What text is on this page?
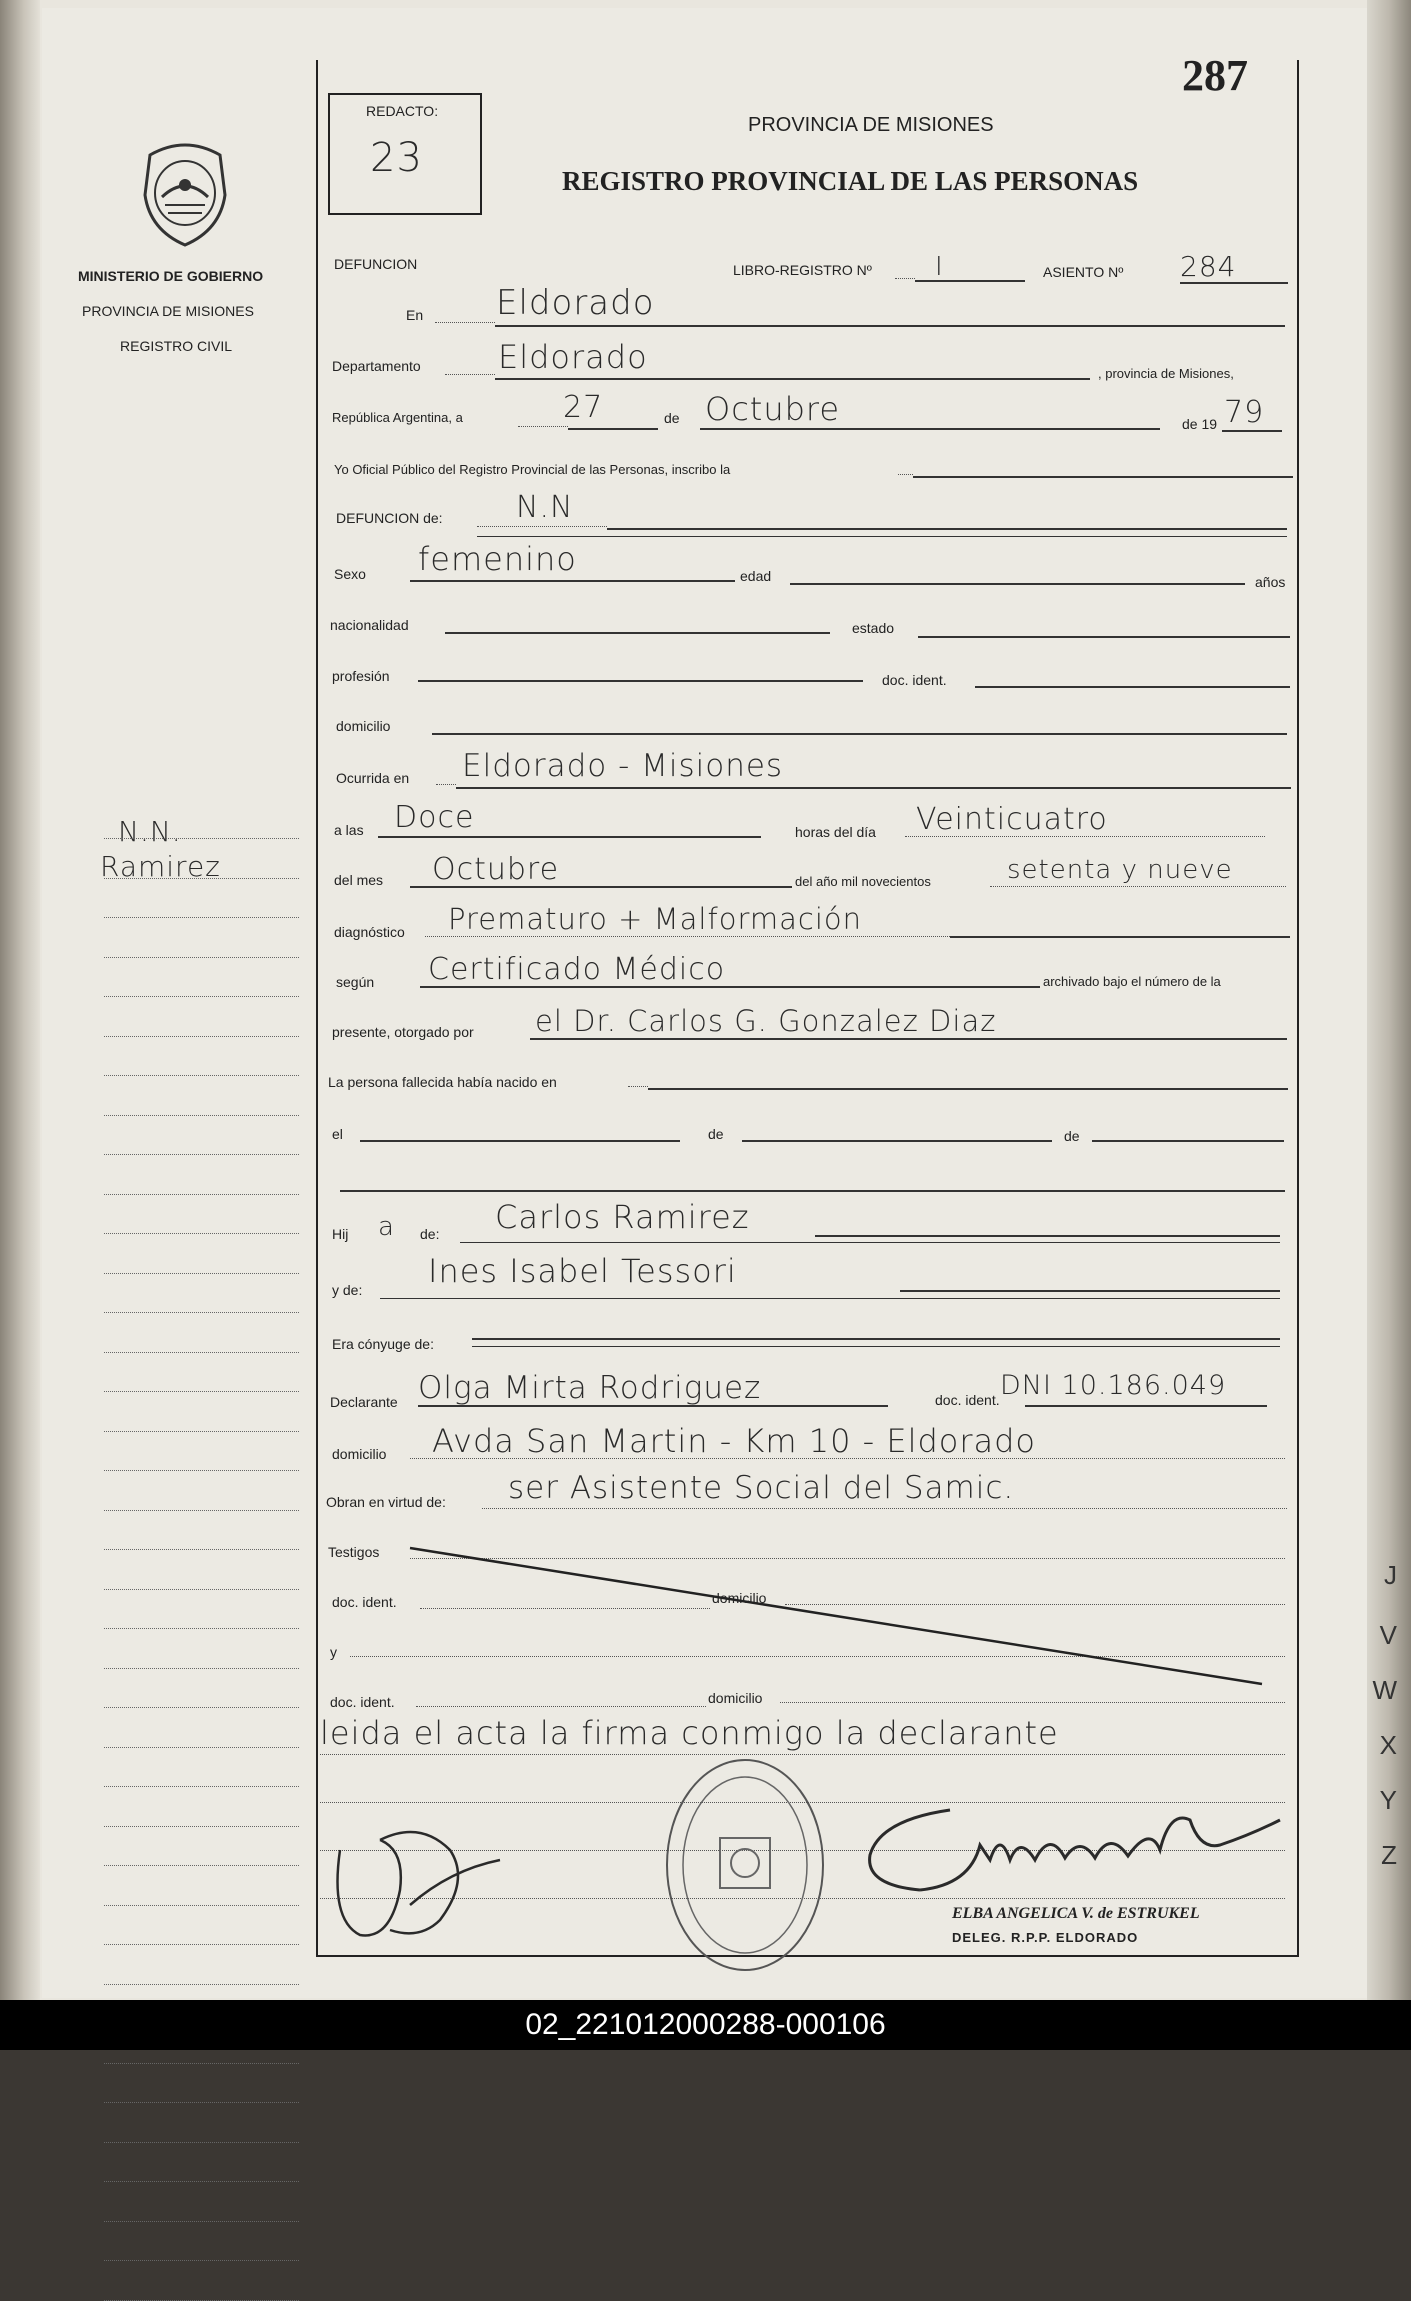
J
V
W
X
Y
Z
MINISTERIO DE GOBIERNO
PROVINCIA DE MISIONES
REGISTRO CIVIL
N.N.
Ramirez
287
REDACTO:
23
PROVINCIA DE MISIONES
REGISTRO PROVINCIAL DE LAS PERSONAS
DEFUNCION	LIBRO-REGISTRO Nº I	ASIENTO Nº 284
En Eldorado
Departamento Eldorado	, provincia de Misiones,
República Argentina, a	27	de Octubre	de 19 79
Yo Oficial Público del Registro Provincial de las Personas, inscribo la
DEFUNCION de: N.N
Sexo femenino	edad	años
nacionalidad	estado
profesión	doc. ident.
domicilio
Ocurrida en Eldorado - Misiones
a las Doce	horas del día Veinticuatro
del mes Octubre	del año mil novecientos	setenta y nueve
diagnóstico Prematuro + Malformación
según Certificado Médico	archivado bajo el número de la
presente, otorgado por el Dr. Carlos G. Gonzalez Diaz
La persona fallecida había nacido en
el	de	de
Hij a de: Carlos Ramirez
y de: Ines Isabel Tessori
Era cónyuge de:
Declarante Olga Mirta Rodriguez	doc. ident. DNI 10.186.049
domicilio Avda San Martin - Km 10 - Eldorado
Obran en virtud de: ser Asistente Social del Samic.
Testigos
doc. ident.	domicilio
y
doc. ident.	domicilio
leida el acta la firma conmigo la declarante
ELBA ANGELICA V. de ESTRUKEL
DELEG. R.P.P. ELDORADO
02_221012000288-000106
